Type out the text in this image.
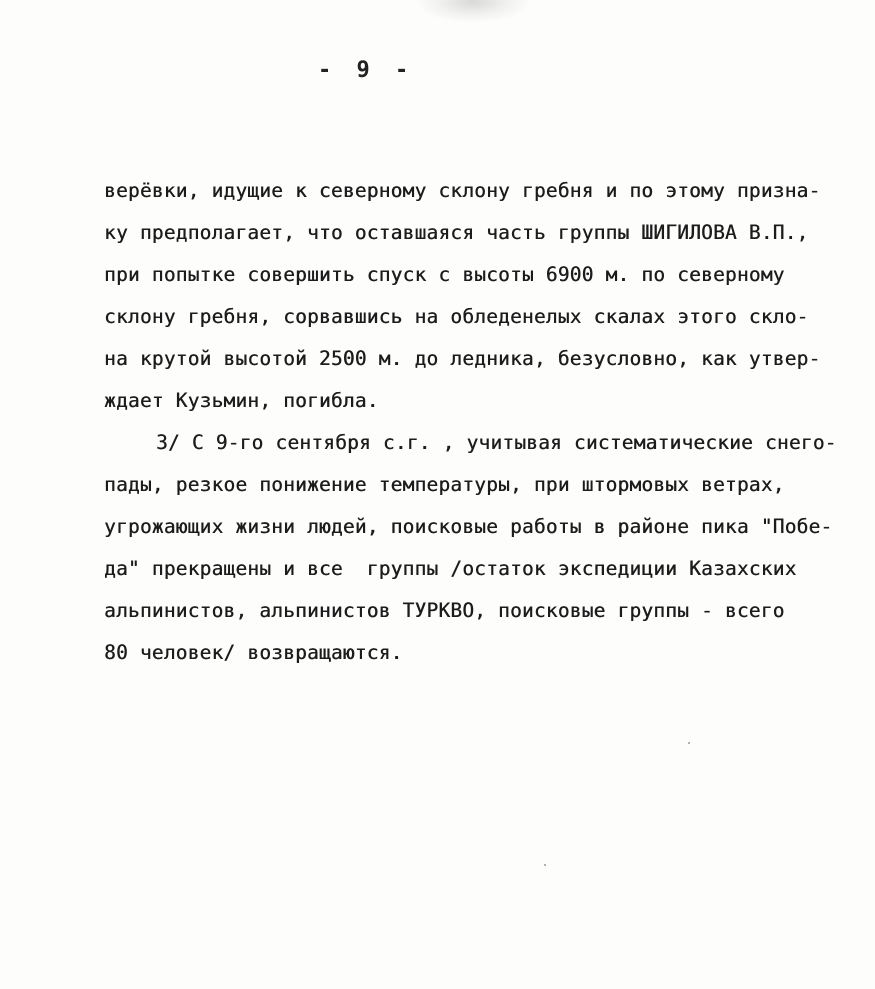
- 9 -
верёвки, идущие к северному склону гребня и по этому призна-
ку предполагает, что оставшаяся часть группы ШИГИЛОВА В.П.,
при попытке совершить спуск с высоты 6900 м. по северному
склону гребня, сорвавшись на обледенелых скалах этого скло-
на крутой высотой 2500 м. до ледника, безусловно, как утвер-
ждает Кузьмин, погибла.
3/ С 9-го сентября с.г. , учитывая систематические снего-
пады, резкое понижение температуры, при штормовых ветрах,
угрожающих жизни людей, поисковые работы в районе пика "Побе-
да" прекращены и все  группы /остаток экспедиции Казахских
альпинистов, альпинистов ТУРКВО, поисковые группы - всего
80 человек/ возвращаются.
